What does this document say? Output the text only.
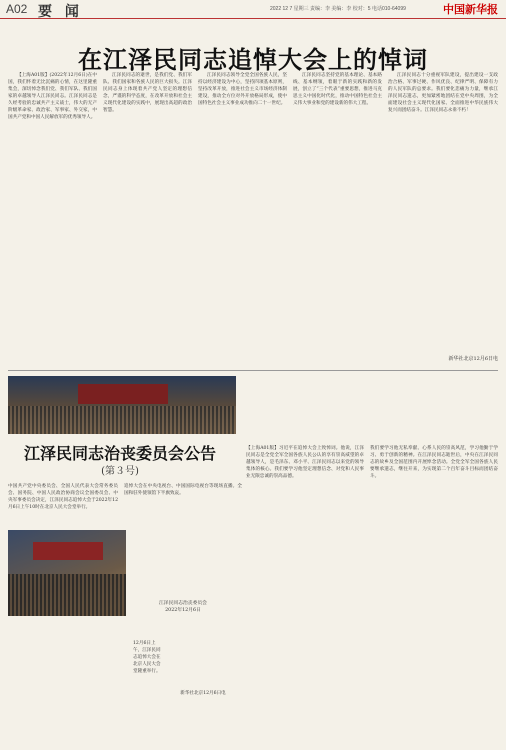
A02 要 闻	2022 12 7 星期三 责编：李 美编：李 校对：5 电话010-64099	中国新华报
在江泽民同志追悼大会上的悼词

【上海A01版】(2022年12月6日)在中国，我们怀着无比沉痛的心情，在这里隆重集会，深切悼念我们党、我们军队、我们国家的卓越领导人江泽民同志。江泽民同志是久经考验的忠诚共产主义战士，伟大的无产阶级革命家、政治家、军事家、外交家，中国共产党和中国人民解放军的优秀领导人。

江泽民同志的逝世，是我们党、我们军队、我们国家和各族人民的巨大损失。江泽民同志身上体现着共产党人坚定的理想信念，严谨的科学态度，在改革开放和社会主义现代化建设的实践中，展现出高超的政治智慧。

江泽民同志领导全党全国各族人民，坚持以经济建设为中心，坚持四项基本原则，坚持改革开放，推进社会主义市场经济体制建设，推动全方位对外开放格局形成，使中国特色社会主义事业成功推向二十一世纪。

江泽民同志坚持党的基本理论、基本路线、基本纲领，着眼于新的实践和新的发展，创立了“三个代表”重要思想，推进马克思主义中国化时代化，推动中国特色社会主义伟大事业和党的建设新的伟大工程。

江泽民同志十分重视军队建设，提出建设一支政治合格、军事过硬、作风优良、纪律严明、保障有力的人民军队的总要求。我们要化悲痛为力量，继承江泽民同志遗志，更加紧密地团结在党中央周围，为全面建设社会主义现代化国家、全面推进中华民族伟大复兴而团结奋斗。江泽民同志永垂不朽！

新华社北京12月6日电
江泽民同志治丧委员会公告
(第３号)

中国共产党中央委员会、全国人民代表大会常务委员会、国务院、中国人民政治协商会议全国委员会、中央军事委员会决定，江泽民同志追悼大会于2022年12月6日上午10时在北京人民大会堂举行。

追悼大会在中央电视台、中国国际电视台等现场直播。全国和驻外使领馆下半旗致哀。

【上海A01版】习近平在追悼大会上致悼词。他说，江泽民同志是全党全军全国各族人民公认的享有崇高威望的卓越领导人，是毛泽东、邓小平、江泽民同志以来党的领导集体的核心。我们要学习他坚定理想信念、对党和人民事业无限忠诚的崇高品德。

我们要学习他无私奉献、心系人民的崇高风范，学习他勤于学习、勇于创新的精神。在江泽民同志逝世后，中央在江泽民同志的故乡及全国范围内开展悼念活动。全党全军全国各族人民要继承遗志，继往开来，为实现第二个百年奋斗目标而团结奋斗。

12月6日上午，江泽民同志追悼大会在北京人民大会堂隆重举行。
江泽民同志治丧委员会
2022年12月6日
新华社北京12月6日电
